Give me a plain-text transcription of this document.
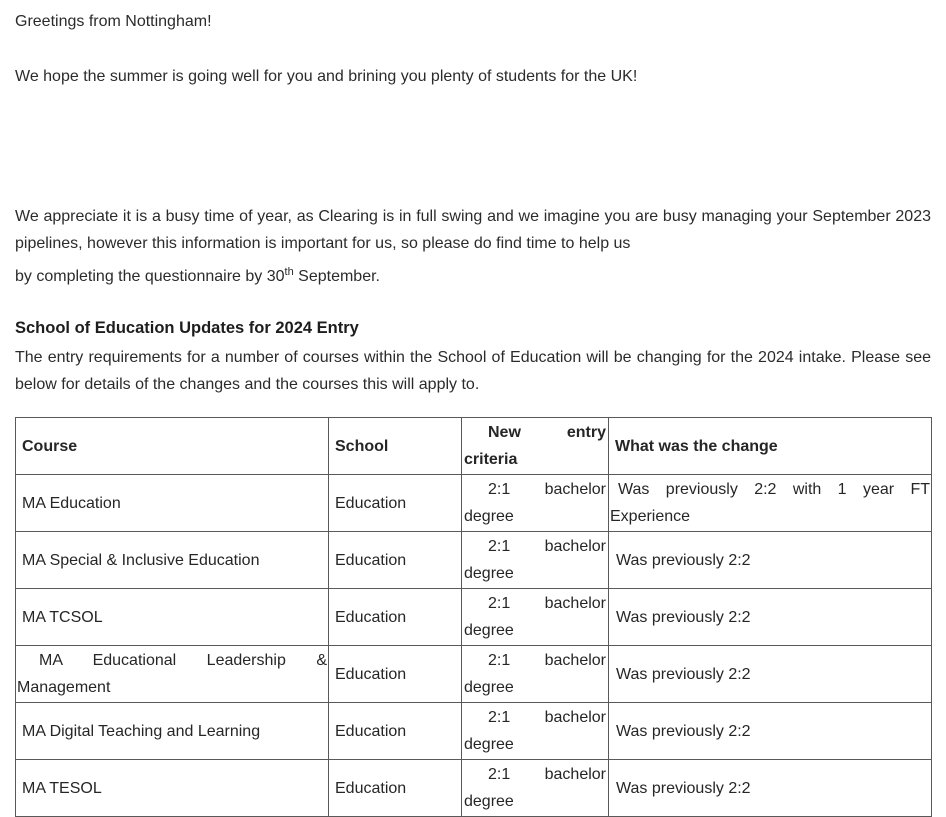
Greetings from Nottingham!

We hope the summer is going well for you and brining you plenty of students for the UK!

We appreciate it is a busy time of year, as Clearing is in full swing and we imagine you are busy managing your September 2023 pipelines, however this information is important for us, so please do find time to help us

by completing the questionnaire by 30th September.

School of Education Updates for 2024 Entry

The entry requirements for a number of courses within the School of Education will be changing for the 2024 intake. Please see below for details of the changes and the courses this will apply to.

Course	School	New entry criteria	What was the change
MA Education	Education	2:1 bachelor degree	Was previously 2:2 with 1 year FT Experience
MA Special & Inclusive Education	Education	2:1 bachelor degree	Was previously 2:2
MA TCSOL	Education	2:1 bachelor degree	Was previously 2:2
MA Educational Leadership & Management	Education	2:1 bachelor degree	Was previously 2:2
MA Digital Teaching and Learning	Education	2:1 bachelor degree	Was previously 2:2
MA TESOL	Education	2:1 bachelor degree	Was previously 2:2
